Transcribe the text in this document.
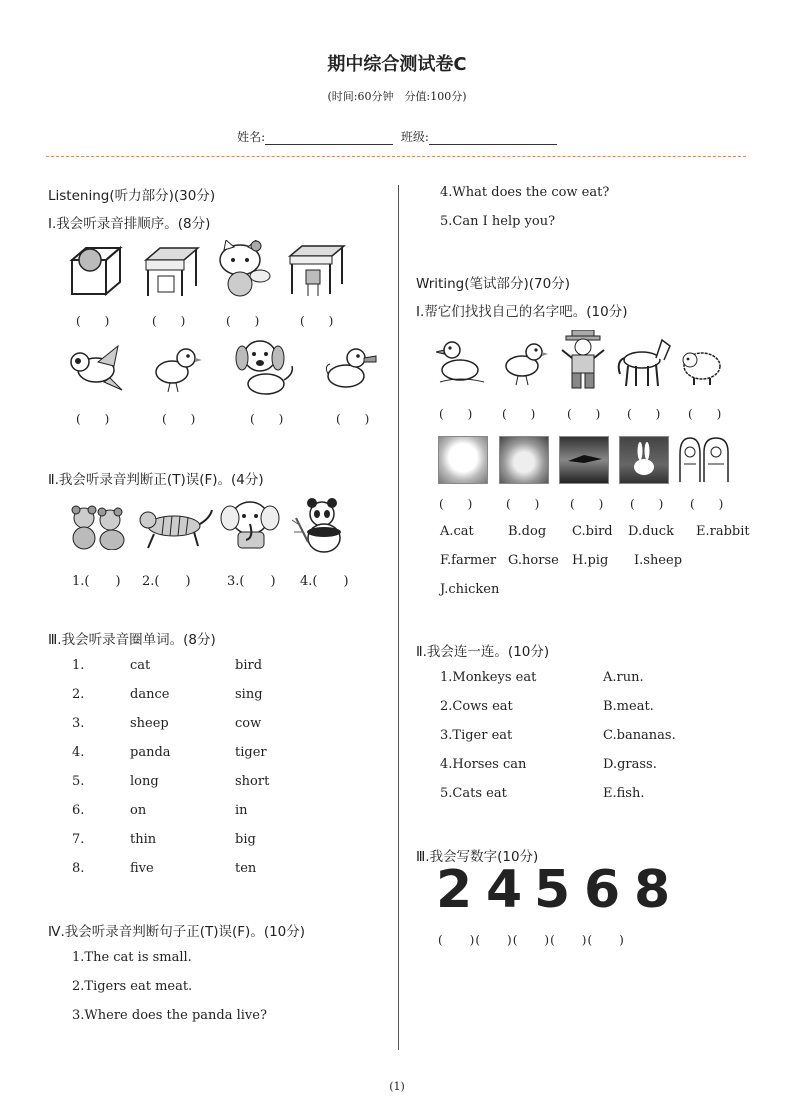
期中综合测试卷C
(时间:60分钟　分值:100分)
姓名:	班级:
Listening(听力部分)(30分)
Ⅰ.我会听录音排顺序。(8分)
(　　)	(　　)	(　　)	(　　)
(　　)	(　　)	(　　)	(　　)
Ⅱ.我会听录音判断正(T)误(F)。(4分)
1.(　　) 2.(　　)	3.(　　) 4.(　　)
Ⅲ.我会听录音圈单词。(8分)
1.	cat	bird
2.	dance	sing
3.	sheep	cow
4.	panda	tiger
5.	long	short
6.	on	in
7.	thin	big
8.	five	ten
Ⅳ.我会听录音判断句子正(T)误(F)。(10分)
1.The cat is small.
2.Tigers eat meat.
3.Where does the panda live?
4.What does the cow eat?
5.Can I help you?
Writing(笔试部分)(70分)
Ⅰ.帮它们找找自己的名字吧。(10分)
(　　) (　　)	(　　) (　　) (　　)
(　　)	(　　)	(　　) (　　) (　　)
A.cat	B.dog C.bird D.duck E.rabbit
F.farmer G.horse H.pig I.sheep
J.chicken
Ⅱ.我会连一连。(10分)
1.Monkeys eat	A.run.
2.Cows eat	B.meat.
3.Tiger eat	C.bananas.
4.Horses can	D.grass.
5.Cats eat	E.fish.
Ⅲ.我会写数字(10分)
2 4 5 6 8
(　　)(　　)(　　)(　　)(　　)
(1)
